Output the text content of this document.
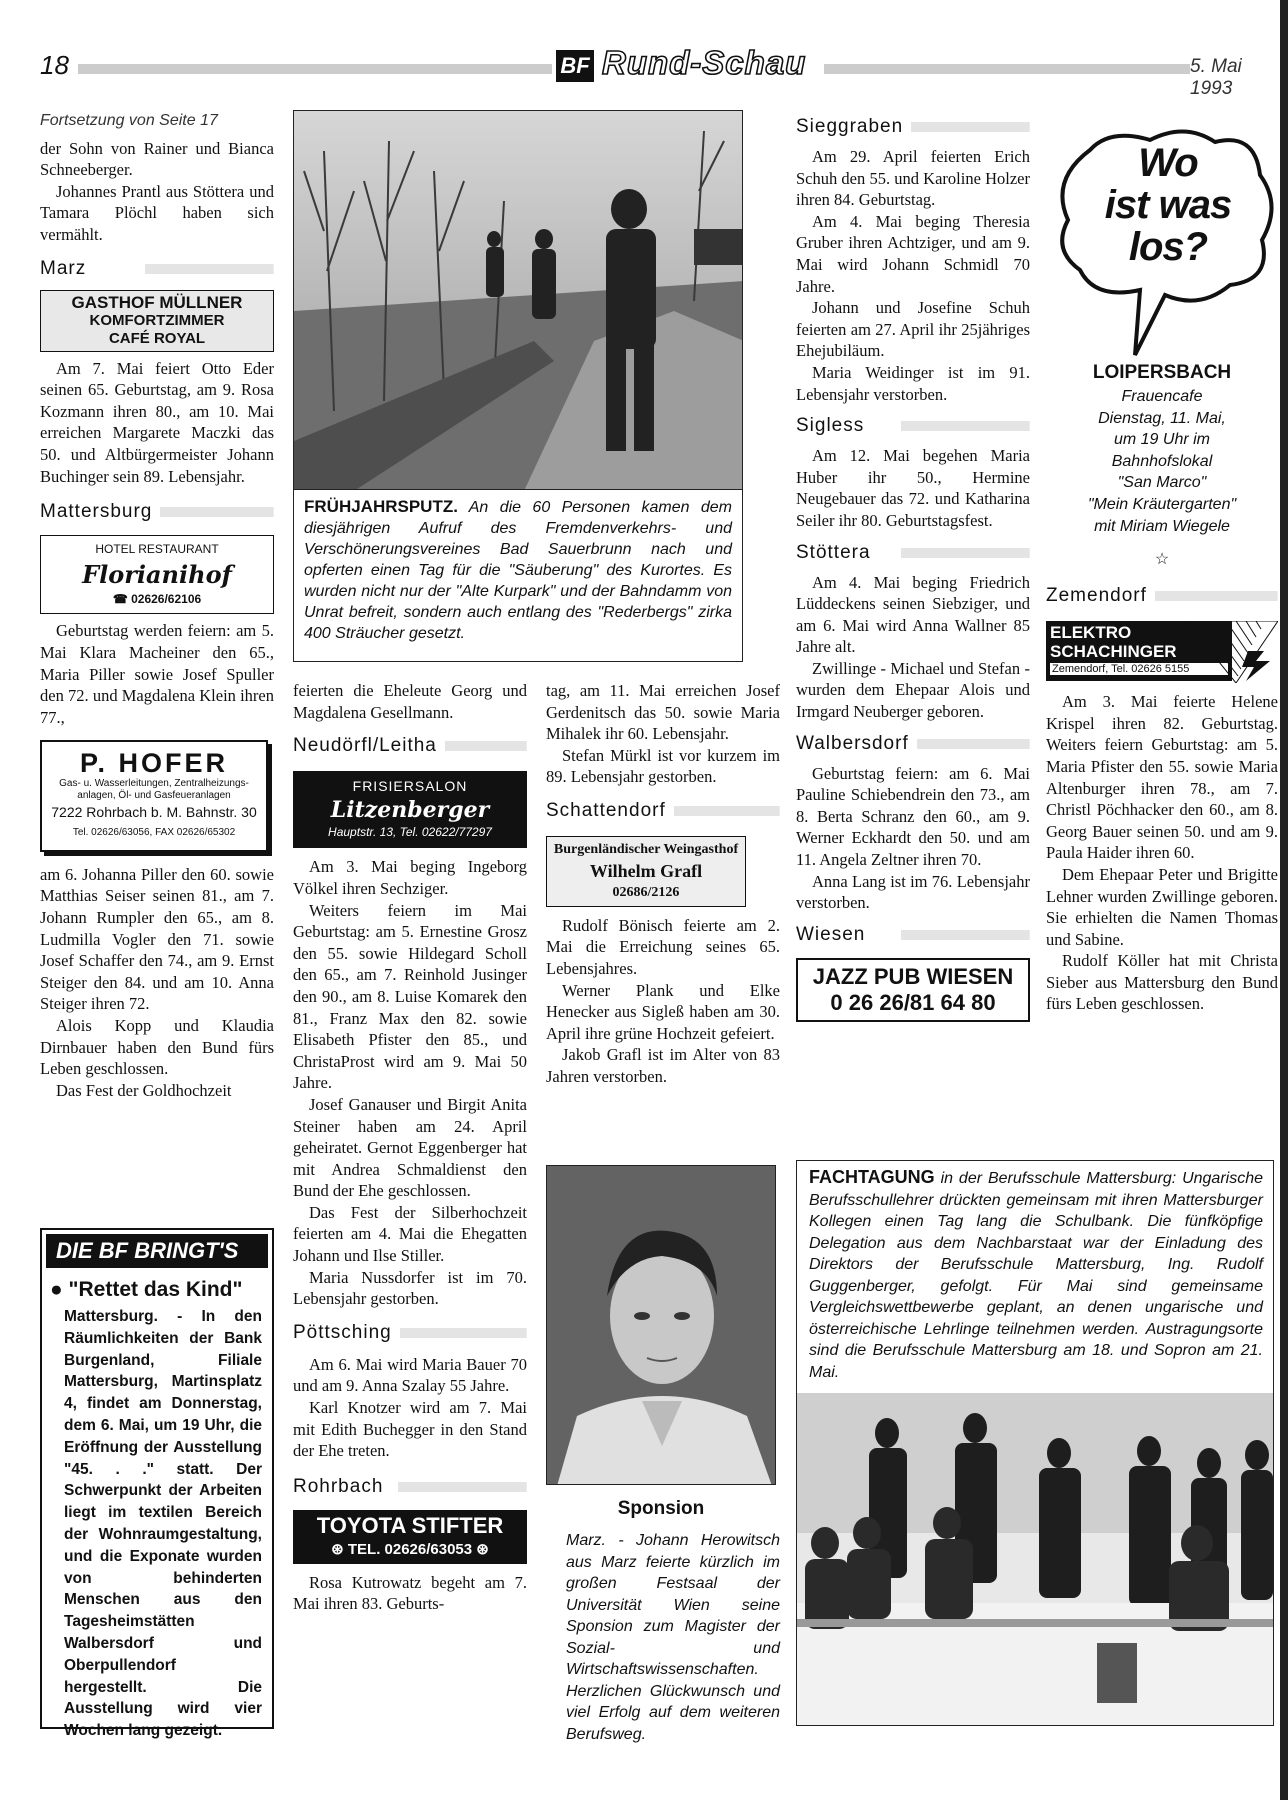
18	BF Rund-Schau	5. Mai 1993
Fortsetzung von Seite 17

der Sohn von Rainer und Bianca Schneeberger.

Johannes Prantl aus Stöttera und Tamara Plöchl haben sich vermählt.

Marz
GASTHOF MÜLLNER
KOMFORTZIMMER
CAFÉ ROYAL

Am 7. Mai feiert Otto Eder seinen 65. Geburtstag, am 9. Rosa Kozmann ihren 80., am 10. Mai erreichen Margarete Maczki das 50. und Altbürgermeister Johann Buchinger sein 89. Lebensjahr.

Mattersburg
HOTEL RESTAURANT
Florianihof
☎ 02626/62106

Geburtstag werden feiern: am 5. Mai Klara Macheiner den 65., Maria Piller sowie Josef Spuller den 72. und Magdalena Klein ihren 77.,

P. HOFER
Gas- u. Wasserleitungen, Zentralheizungs-anlagen, Öl- und Gasfeueranlagen
7222 Rohrbach b. M. Bahnstr. 30
Tel. 02626/63056, FAX 02626/65302

am 6. Johanna Piller den 60. sowie Matthias Seiser seinen 81., am 7. Johann Rumpler den 65., am 8. Ludmilla Vogler den 71. sowie Josef Schaffer den 74., am 9. Ernst Steiger den 84. und am 10. Anna Steiger ihren 72.

Alois Kopp und Klaudia Dirnbauer haben den Bund fürs Leben geschlossen.

Das Fest der Goldhochzeit

DIE BF BRINGT'S
● "Rettet das Kind"
Mattersburg. - In den Räumlichkeiten der Bank Burgenland, Filiale Mattersburg, Martinsplatz 4, findet am Donnerstag, dem 6. Mai, um 19 Uhr, die Eröffnung der Ausstellung "45. . ." statt. Der Schwerpunkt der Arbeiten liegt im textilen Bereich der Wohnraumgestaltung, und die Exponate wurden von behinderten Menschen aus den Tagesheimstätten Walbersdorf und Oberpullendorf hergestellt. Die Ausstellung wird vier Wochen lang gezeigt.
FRÜHJAHRSPUTZ. An die 60 Personen kamen dem diesjährigen Aufruf des Fremdenverkehrs- und Verschönerungsvereines Bad Sauerbrunn nach und opferten einen Tag für die "Säuberung" des Kurortes. Es wurden nicht nur der "Alte Kurpark" und der Bahndamm von Unrat befreit, sondern auch entlang des "Rederbergs" zirka 400 Sträucher gesetzt.

feierten die Eheleute Georg und Magdalena Gesellmann.

Neudörfl/Leitha
FRISIERSALON
Litzenberger
Hauptstr. 13, Tel. 02622/77297

Am 3. Mai beging Ingeborg Völkel ihren Sechziger.

Weiters feiern im Mai Geburtstag: am 5. Ernestine Grosz den 55. sowie Hildegard Scholl den 65., am 7. Reinhold Jusinger den 90., am 8. Luise Komarek den 81., Franz Max den 82. sowie Elisabeth Pfister den 85., und ChristaProst wird am 9. Mai 50 Jahre.

Josef Ganauser und Birgit Anita Steiner haben am 24. April geheiratet. Gernot Eggenberger hat mit Andrea Schmaldienst den Bund der Ehe geschlossen.

Das Fest der Silberhochzeit feierten am 4. Mai die Ehegatten Johann und Ilse Stiller.

Maria Nussdorfer ist im 70. Lebensjahr gestorben.

Pöttsching

Am 6. Mai wird Maria Bauer 70 und am 9. Anna Szalay 55 Jahre.

Karl Knotzer wird am 7. Mai mit Edith Buchegger in den Stand der Ehe treten.

Rohrbach
TOYOTA STIFTER
⊛ TEL. 02626/63053 ⊛

Rosa Kutrowatz begeht am 7. Mai ihren 83. Geburts-

tag, am 11. Mai erreichen Josef Gerdenitsch das 50. sowie Maria Mihalek ihr 60. Lebensjahr.

Stefan Mürkl ist vor kurzem im 89. Lebensjahr gestorben.

Schattendorf
Burgenländischer Weingasthof
Wilhelm Grafl
02686/2126

Rudolf Bönisch feierte am 2. Mai die Erreichung seines 65. Lebensjahres.

Werner Plank und Elke Henecker aus Sigleß haben am 30. April ihre grüne Hochzeit gefeiert.

Jakob Grafl ist im Alter von 83 Jahren verstorben.

Sponsion
Marz. - Johann Herowitsch aus Marz feierte kürzlich im großen Festsaal der Universität Wien seine Sponsion zum Magister der Sozial- und Wirtschaftswissenschaften. Herzlichen Glückwunsch und viel Erfolg auf dem weiteren Berufsweg.
Sieggraben

Am 29. April feierten Erich Schuh den 55. und Karoline Holzer ihren 84. Geburtstag.

Am 4. Mai beging Theresia Gruber ihren Achtziger, und am 9. Mai wird Johann Schmidl 70 Jahre.

Johann und Josefine Schuh feierten am 27. April ihr 25jähriges Ehejubiläum.

Maria Weidinger ist im 91. Lebensjahr verstorben.

Sigless

Am 12. Mai begehen Maria Huber ihr 50., Hermine Neugebauer das 72. und Katharina Seiler ihr 80. Geburtstagsfest.

Stöttera

Am 4. Mai beging Friedrich Lüddeckens seinen Siebziger, und am 6. Mai wird Anna Wallner 85 Jahre alt.

Zwillinge - Michael und Stefan - wurden dem Ehepaar Alois und Irmgard Neuberger geboren.

Walbersdorf

Geburtstag feiern: am 6. Mai Pauline Schiebendrein den 73., am 8. Berta Schranz den 60., am 9. Werner Eckhardt den 50. und am 11. Angela Zeltner ihren 70.

Anna Lang ist im 76. Lebensjahr verstorben.

Wiesen
JAZZ PUB WIESEN
0 26 26/81 64 80
Wo
ist was
los?
LOIPERSBACH
Frauencafe
Dienstag, 11. Mai,
um 19 Uhr im
Bahnhofslokal
"San Marco"
"Mein Kräutergarten"
mit Miriam Wiegele
☆
Zemendorf
ELEKTRO
SCHACHINGER
Zemendorf, Tel. 02626 5155

Am 3. Mai feierte Helene Krispel ihren 82. Geburtstag. Weiters feiern Geburtstag: am 5. Maria Pfister den 55. sowie Maria Altenburger ihren 78., am 7. Christl Pöchhacker den 60., am 8. Georg Bauer seinen 50. und am 9. Paula Haider ihren 60.

Dem Ehepaar Peter und Brigitte Lehner wurden Zwillinge geboren. Sie erhielten die Namen Thomas und Sabine.

Rudolf Köller hat mit Christa Sieber aus Mattersburg den Bund fürs Leben geschlossen.

FACHTAGUNG in der Berufsschule Mattersburg: Ungarische Berufsschullehrer drückten gemeinsam mit ihren Mattersburger Kollegen einen Tag lang die Schulbank. Die fünfköpfige Delegation aus dem Nachbarstaat war der Einladung des Direktors der Berufsschule Mattersburg, Ing. Rudolf Guggenberger, gefolgt. Für Mai sind gemeinsame Vergleichswettbewerbe geplant, an denen ungarische und österreichische Lehrlinge teilnehmen werden. Austragungsorte sind die Berufsschule Mattersburg am 18. und Sopron am 21. Mai.
